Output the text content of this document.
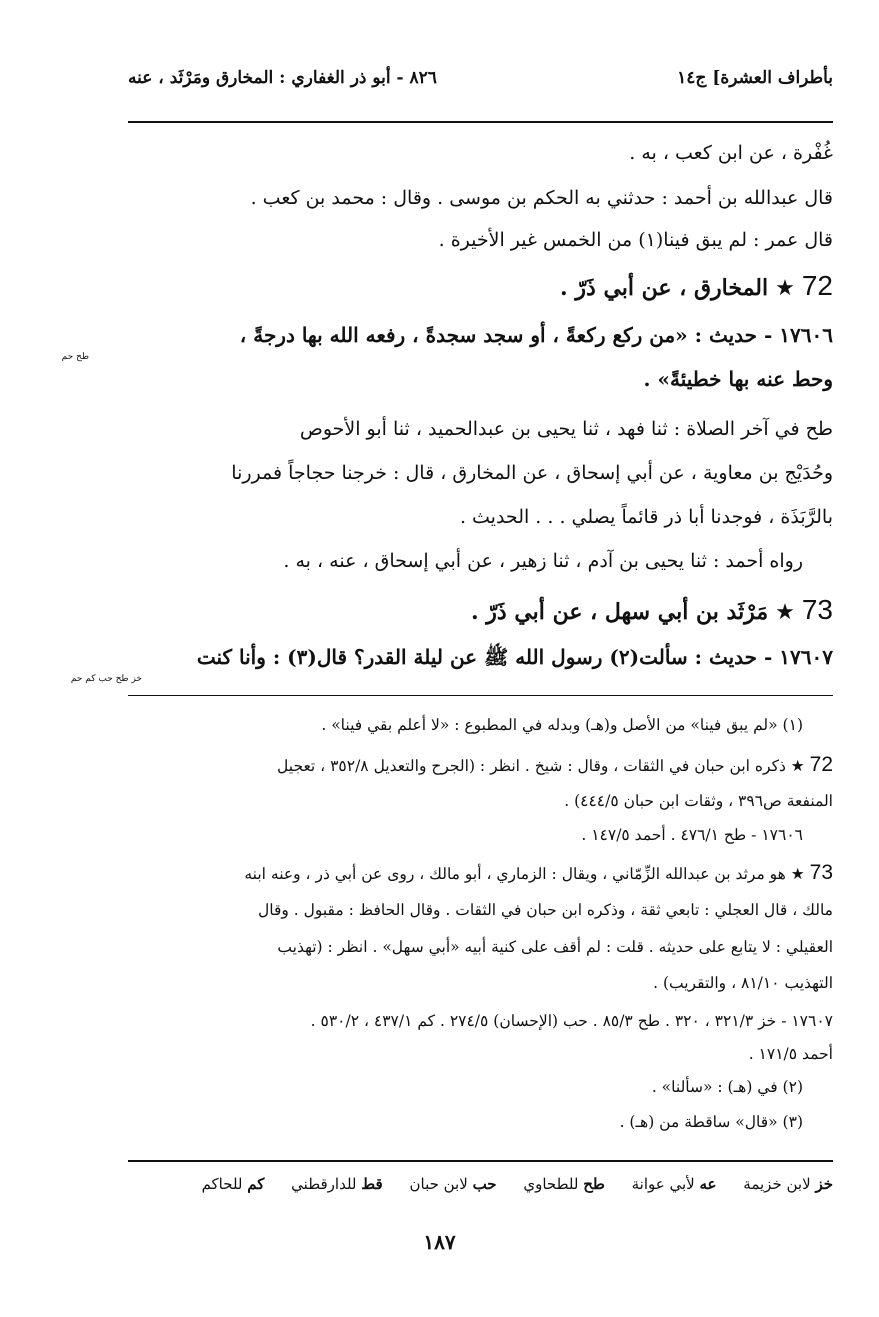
بأطراف العشرة] ج١٤
٨٢٦ - أبو ذر الغفاري : المخارق ومَرْثَد ، عنه
غُفْرة ، عن ابن كعب ، به .
قال عبدالله بن أحمد : حدثني به الحكم بن موسى . وقال : محمد بن كعب .
قال عمر : لم يبق فينا(١) من الخمس غير الأخيرة .
72 ★ المخارق ، عن أبي ذَرّ .
١٧٦٠٦ - حديث : «من ركع ركعةً ، أو سجد سجدةً ، رفعه الله بها درجةً ،
طح حم
وحط عنه بها خطيئةً» .
طح في آخر الصلاة : ثنا فهد ، ثنا يحيى بن عبدالحميد ، ثنا أبو الأحوص
وحُدَيْج بن معاوية ، عن أبي إسحاق ، عن المخارق ، قال : خرجنا حجاجاً فمررنا
بالرَّبَذَة ، فوجدنا أبا ذر قائماً يصلي . . . الحديث .
رواه أحمد : ثنا يحيى بن آدم ، ثنا زهير ، عن أبي إسحاق ، عنه ، به .
73 ★ مَرْثَد بن أبي سهل ، عن أبي ذَرّ .
١٧٦٠٧ - حديث : سألت(٢) رسول الله ﷺ عن ليلة القدر؟ قال(٣) : وأنا كنت
خز طح حب كم حم
(١) «لم يبق فينا» من الأصل و(هـ) وبدله في المطبوع : «لا أعلم بقي فينا» .
72 ★ ذكره ابن حبان في الثقات ، وقال : شيخ . انظر : (الجرح والتعديل ٣٥٢/٨ ، تعجيل
المنفعة ص٣٩٦ ، وثقات ابن حبان ٤٤٤/٥) .
١٧٦٠٦ - طح ٤٧٦/١ . أحمد ١٤٧/٥ .
73 ★ هو مرثد بن عبدالله الزِّمّاني ، ويقال : الزماري ، أبو مالك ، روى عن أبي ذر ، وعنه ابنه
مالك ، قال العجلي : تابعي ثقة ، وذكره ابن حبان في الثقات . وقال الحافظ : مقبول . وقال
العقيلي : لا يتابع على حديثه . قلت : لم أقف على كنية أبيه «أبي سهل» . انظر : (تهذيب
التهذيب ٨١/١٠ ، والتقريب) .
١٧٦٠٧ - خز ٣٢١/٣ ، ٣٢٠ . طح ٨٥/٣ . حب (الإحسان) ٢٧٤/٥ . كم ٤٣٧/١ ، ٥٣٠/٢ .
أحمد ١٧١/٥ .
(٢) في (هـ) : «سألنا» .
(٣) «قال» ساقطة من (هـ) .
خز لابن خزيمة عه لأبي عوانة طح للطحاوي حب لابن حبان قط للدارقطني كم للحاكم
١٨٧
